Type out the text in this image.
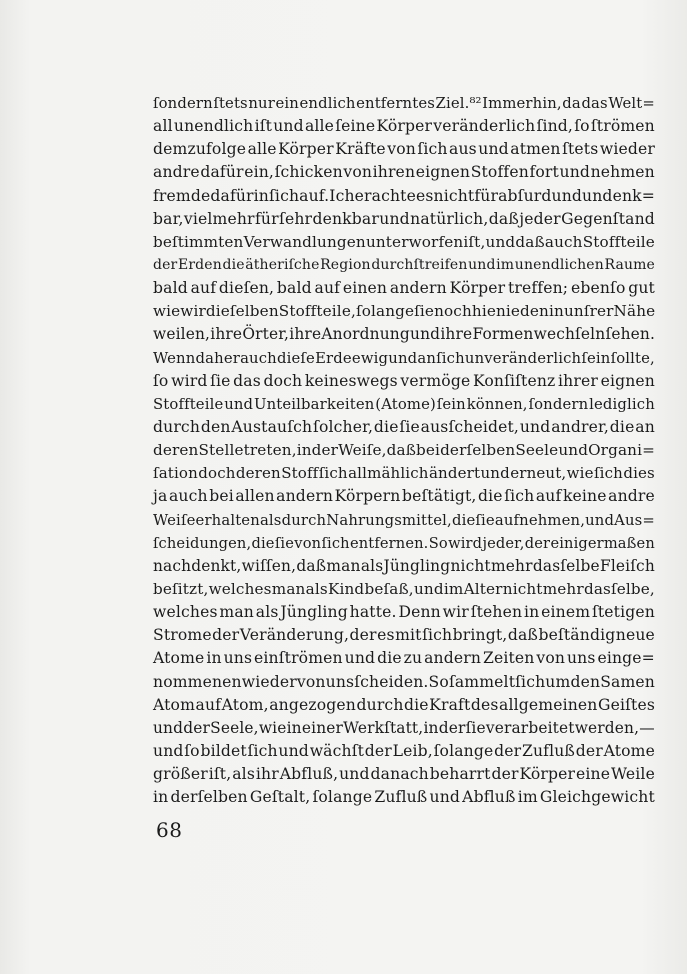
ſondern ſtets nur ein endlich entferntes Ziel.⁸² Immerhin, da das Welt=
all unendlich iſt und alle ſeine Körper veränderlich ſind, ſo ſtrömen
demzufolge alle Körper Kräfte von ſich aus und atmen ſtets wieder
andre dafür ein, ſchicken von ihren eignen Stoffen fort und nehmen
fremde dafür in ſich auf. Ich erachte es nicht für abſurd und undenk=
bar, vielmehr für ſehr denkbar und natürlich, daß jeder Gegenſtand
beſtimmten Verwandlungen unterworfen iſt, und daß auch Stoffteile
der Erden die ätheriſche Region durchſtreifen und im unendlichen Raume
bald auf dieſen, bald auf einen andern Körper treffen; ebenſo gut
wie wir dieſelben Stoffteile, ſolange ſie noch hienieden in unſrer Nähe
weilen, ihre Örter, ihre Anordnung und ihre Formen wechſeln ſehen.
Wenn daher auch dieſe Erde ewig und an ſich unveränderlich ſein ſollte,
ſo wird ſie das doch keineswegs vermöge Konſiſtenz ihrer eignen
Stoffteile und Unteilbarkeiten (Atome) ſein können, ſondern lediglich
durch den Austauſch ſolcher, die ſie ausſcheidet, und andrer, die an
deren Stelle treten, in der Weiſe, daß bei derſelben Seele und Organi=
ſation doch deren Stoff ſich allmählich ändert und erneut, wie ſich dies
ja auch bei allen andern Körpern beſtätigt, die ſich auf keine andre
Weiſe erhalten als durch Nahrungsmittel, die ſie aufnehmen, und Aus=
ſcheidungen, die ſie von ſich entfernen. So wird jeder, der einigermaßen
nachdenkt, wiſſen, daß man als Jüngling nicht mehr dasſelbe Fleiſch
beſitzt, welches man als Kind beſaß, und im Alter nicht mehr dasſelbe,
welches man als Jüngling hatte. Denn wir ſtehen in einem ſtetigen
Strome der Veränderung, der es mit ſich bringt, daß beſtändig neue
Atome in uns einſtrömen und die zu andern Zeiten von uns einge=
nommenen wieder von uns ſcheiden. So ſammelt ſich um den Samen
Atom auf Atom, angezogen durch die Kraft des allgemeinen Geiſtes
und der Seele, wie in einer Werkſtatt, in der ſie verarbeitet werden, —
und ſo bildet ſich und wächſt der Leib, ſolange der Zufluß der Atome
größer iſt, als ihr Abfluß, und danach beharrt der Körper eine Weile
in derſelben Geſtalt, ſolange Zufluß und Abfluß im Gleichgewicht
68
